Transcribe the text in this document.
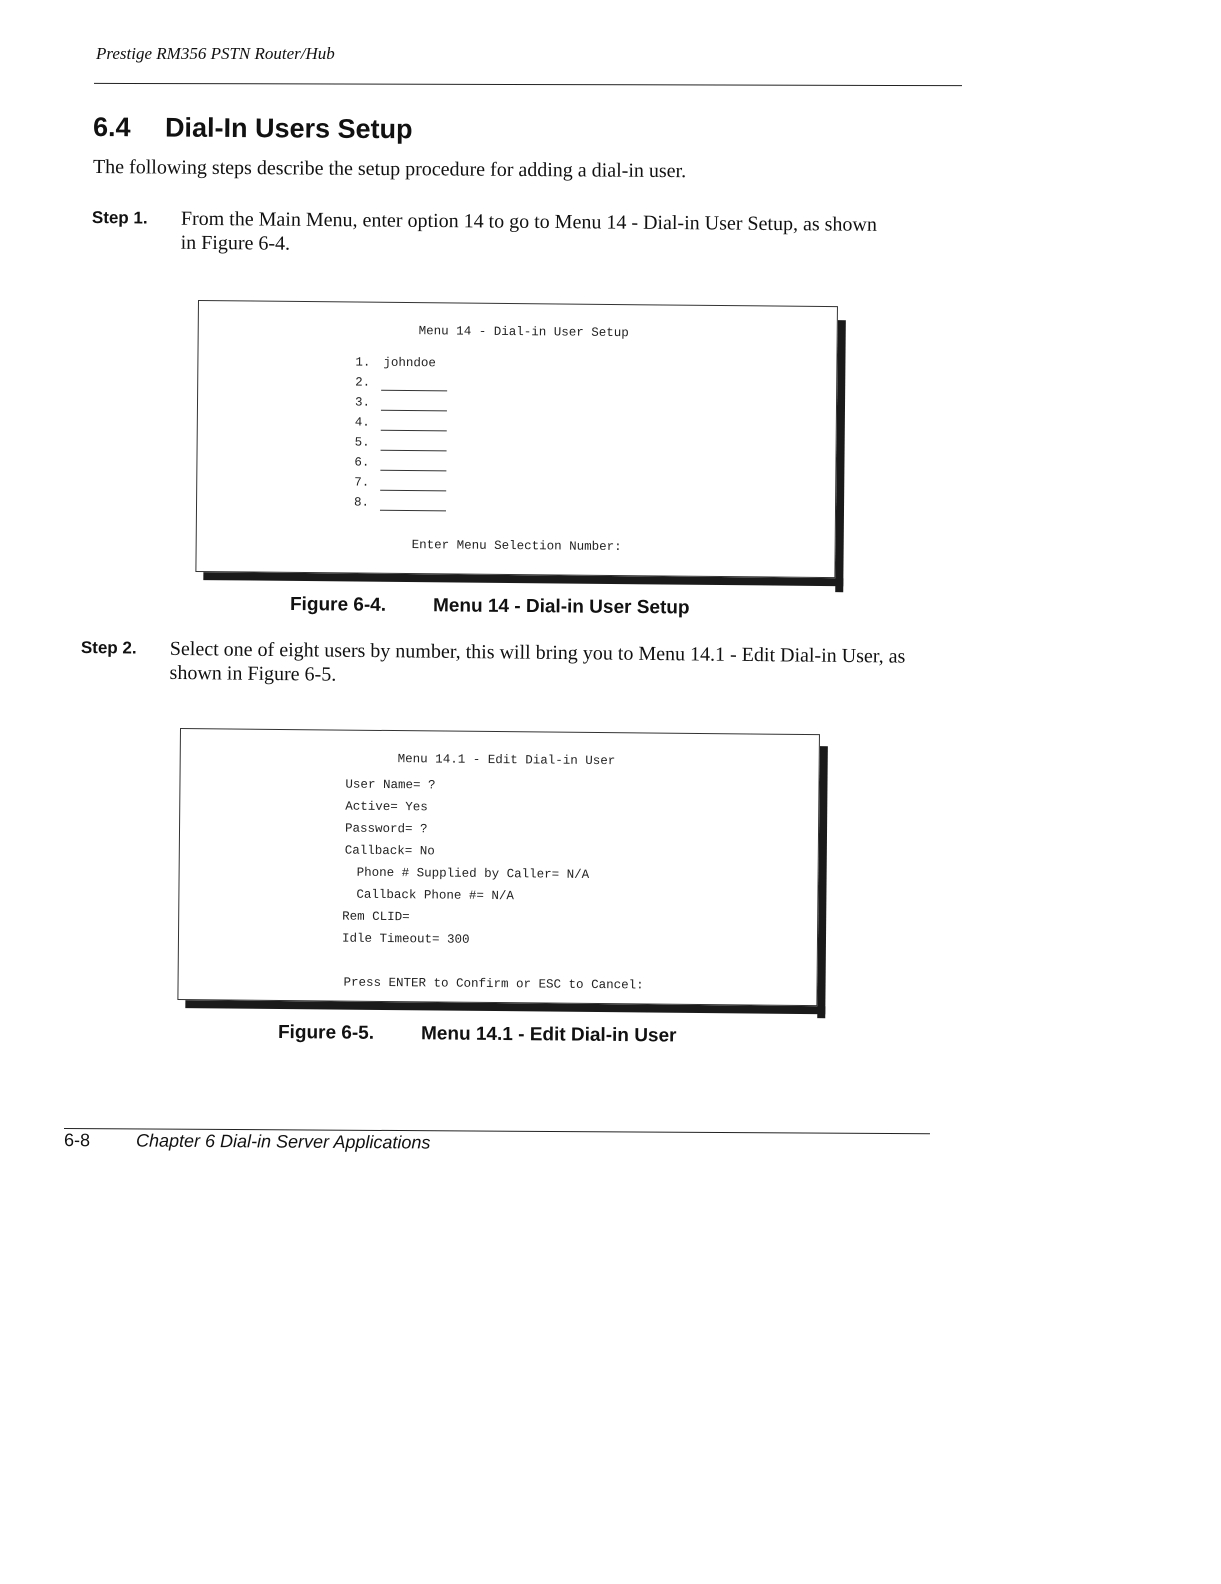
Prestige RM356 PSTN Router/Hub
6.4 Dial-In Users Setup
The following steps describe the setup procedure for adding a dial-in user.
Step 1. From the Main Menu, enter option 14 to go to Menu 14 - Dial-in User Setup, as shown in Figure 6-4.
Menu 14 - Dial-in User Setup
1. johndoe
2.
3.
4.
5.
6.
7.
8.
Enter Menu Selection Number:
Figure 6-4. Menu 14 - Dial-in User Setup
Step 2. Select one of eight users by number, this will bring you to Menu 14.1 - Edit Dial-in User, as shown in Figure 6-5.
Menu 14.1 - Edit Dial-in User
User Name= ?
Active= Yes
Password= ?
Callback= No
Phone # Supplied by Caller= N/A
Callback Phone #= N/A
Rem CLID=
Idle Timeout= 300
Press ENTER to Confirm or ESC to Cancel:
Figure 6-5. Menu 14.1 - Edit Dial-in User
6-8	Chapter 6 Dial-in Server Applications
